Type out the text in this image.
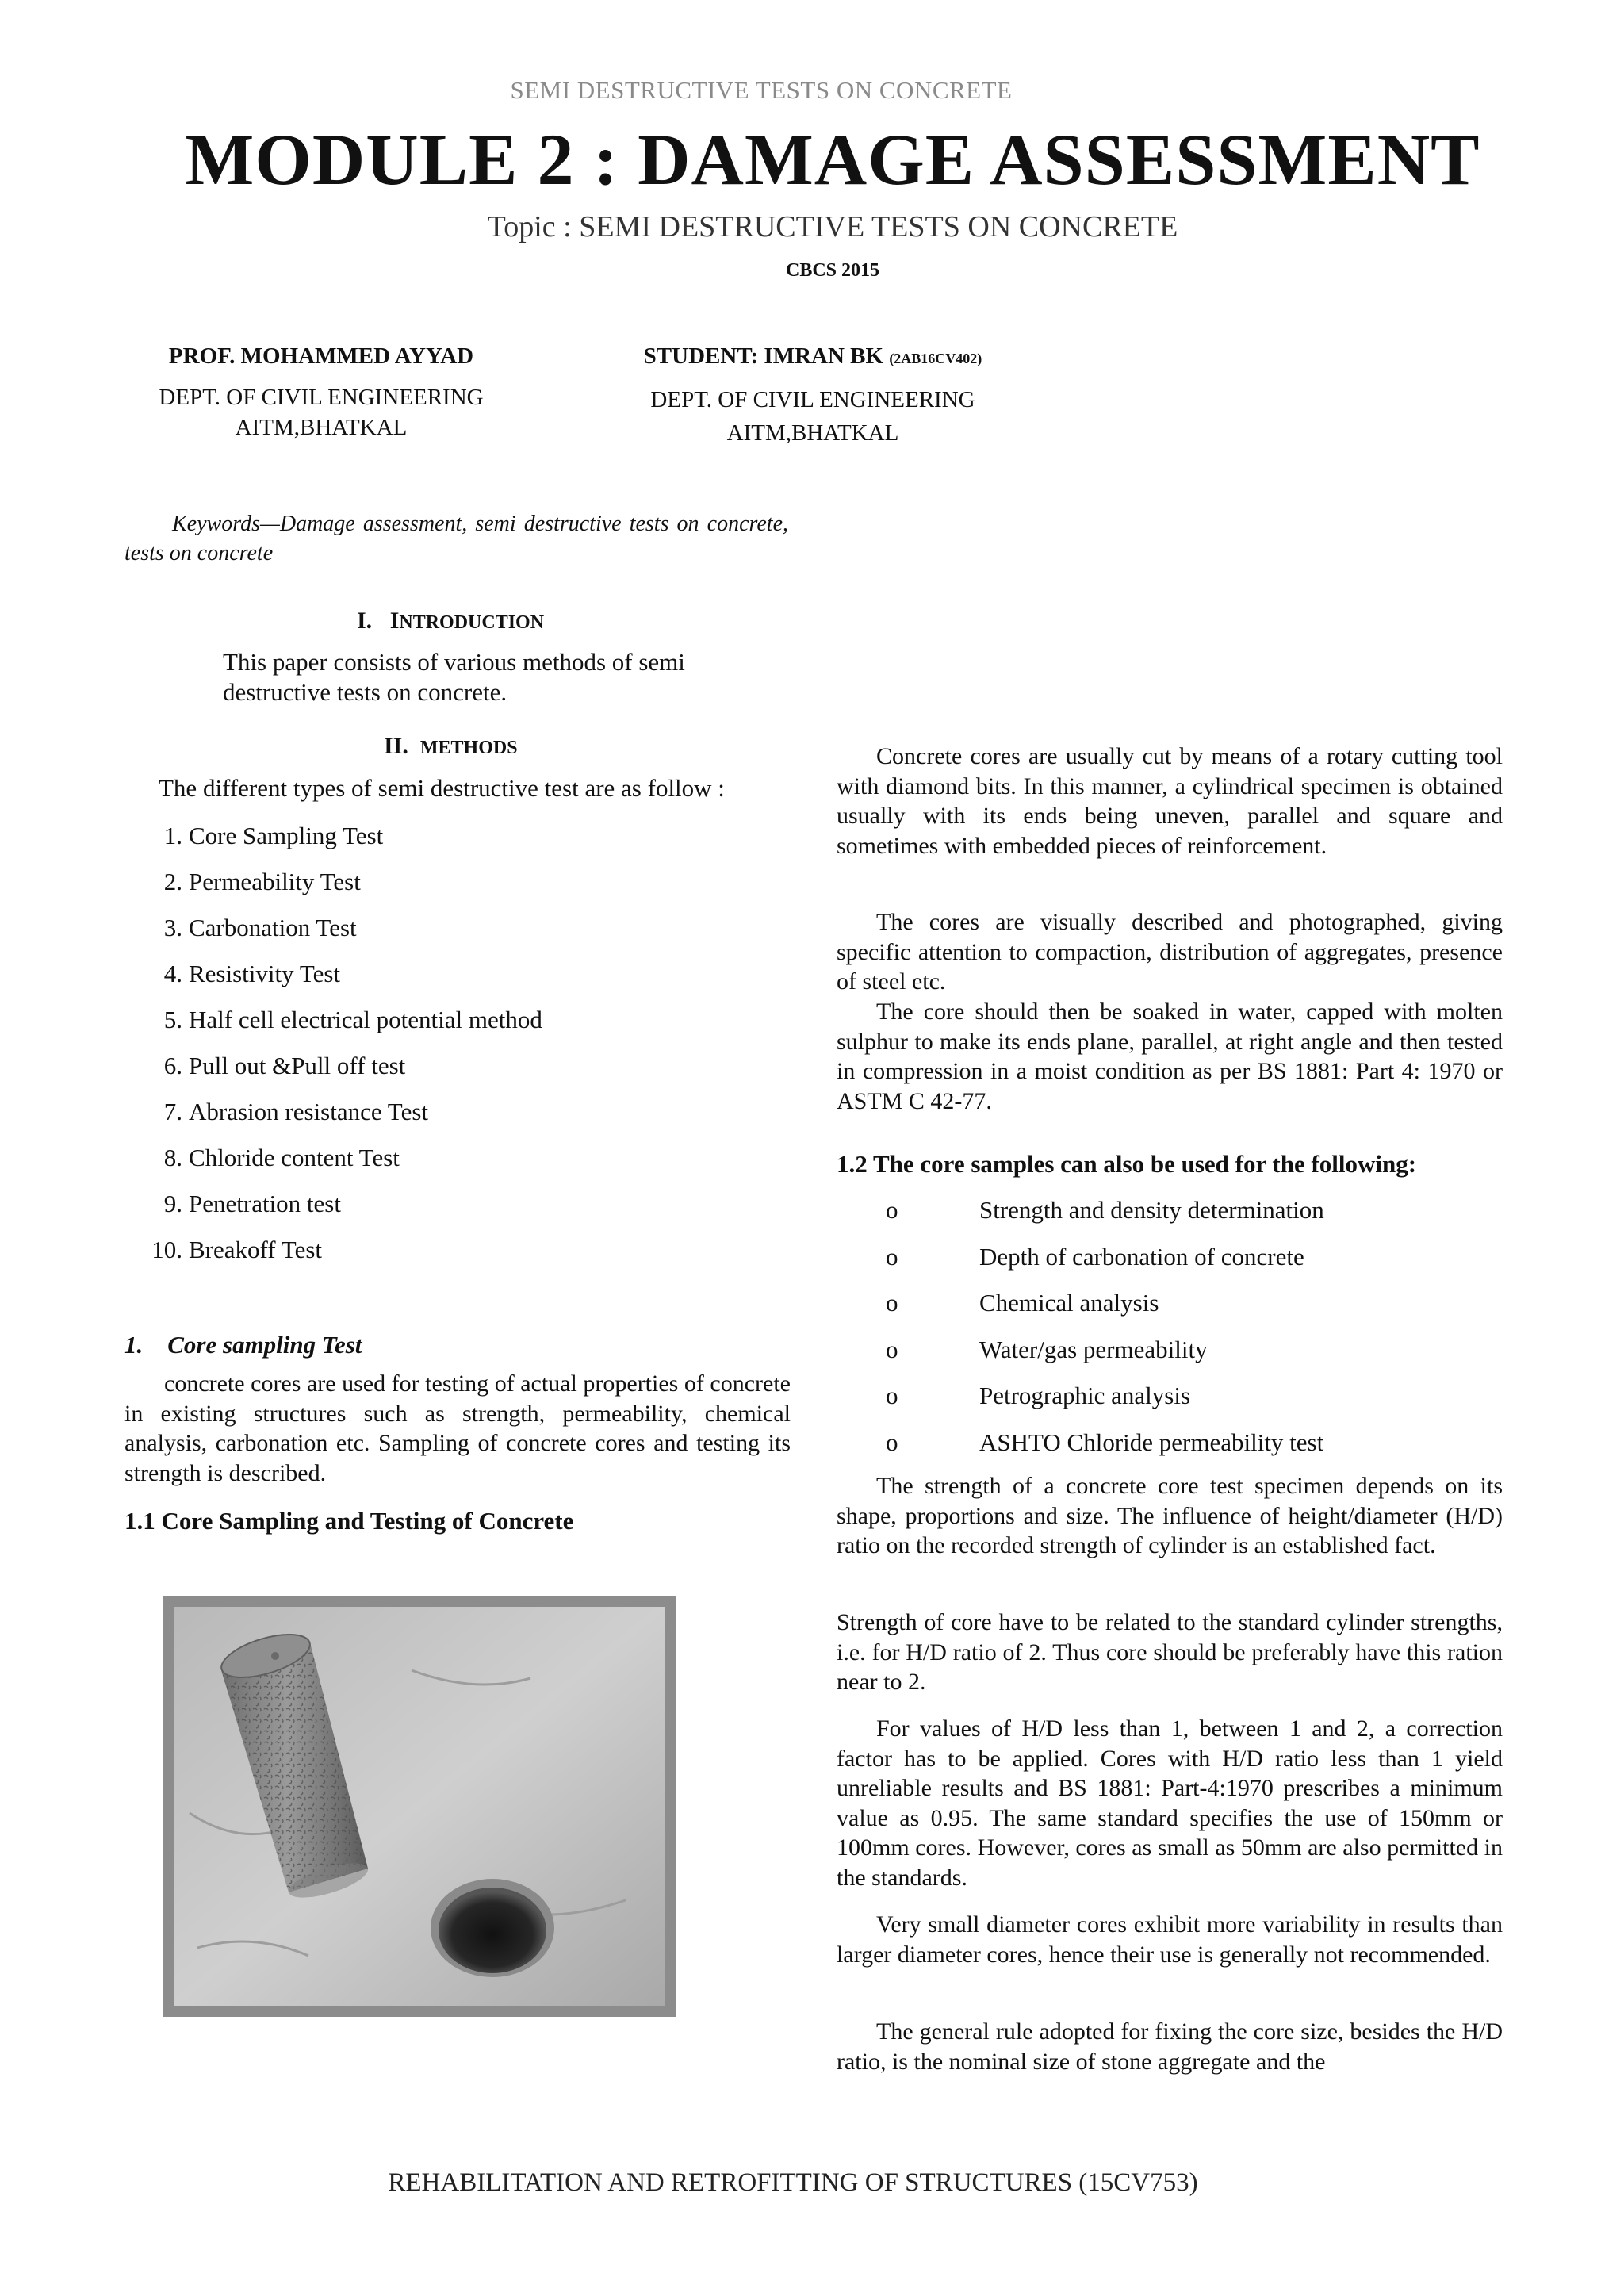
SEMI DESTRUCTIVE TESTS ON CONCRETE
MODULE 2 : DAMAGE ASSESSMENT
Topic : SEMI DESTRUCTIVE TESTS ON CONCRETE
CBCS 2015
PROF. MOHAMMED AYYAD
DEPT. OF CIVIL ENGINEERING
AITM,BHATKAL
STUDENT: IMRAN BK (2AB16CV402)
DEPT. OF CIVIL ENGINEERING
AITM,BHATKAL
Keywords—Damage assessment, semi destructive tests on concrete, tests on concrete
I. INTRODUCTION
This paper consists of various methods of semi destructive tests on concrete.
II. METHODS
The different types of semi destructive test are as follow :
1. Core Sampling Test
2. Permeability Test
3. Carbonation Test
4. Resistivity Test
5. Half cell electrical potential method
6. Pull out &Pull off test
7. Abrasion resistance Test
8. Chloride content Test
9. Penetration test
10. Breakoff Test
1.    Core sampling Test
concrete cores are used for testing of actual properties of concrete in existing structures such as strength, permeability, chemical analysis, carbonation etc. Sampling of concrete cores and testing its strength is described.
1.1 Core Sampling and Testing of Concrete
Concrete cores are usually cut by means of a rotary cutting tool with diamond bits. In this manner, a cylindrical specimen is obtained usually with its ends being uneven, parallel and square and sometimes with embedded pieces of reinforcement.
The cores are visually described and photographed, giving specific attention to compaction, distribution of aggregates, presence of steel etc.
The core should then be soaked in water, capped with molten sulphur to make its ends plane, parallel, at right angle and then tested in compression in a moist condition as per BS 1881: Part 4: 1970 or ASTM C 42-77.
1.2 The core samples can also be used for the following:
o	Strength and density determination
o	Depth of carbonation of concrete
o	Chemical analysis
o	Water/gas permeability
o	Petrographic analysis
o	ASHTO Chloride permeability test
The strength of a concrete core test specimen depends on its shape, proportions and size. The influence of height/diameter (H/D) ratio on the recorded strength of cylinder is an established fact.
Strength of core have to be related to the standard cylinder strengths, i.e. for H/D ratio of 2. Thus core should be preferably have this ration near to 2.
For values of H/D less than 1, between 1 and 2, a correction factor has to be applied. Cores with H/D ratio less than 1 yield unreliable results and BS 1881: Part-4:1970 prescribes a minimum value as 0.95. The same standard specifies the use of 150mm or 100mm cores. However, cores as small as 50mm are also permitted in the standards.
Very small diameter cores exhibit more variability in results than larger diameter cores, hence their use is generally not recommended.
The general rule adopted for fixing the core size, besides the H/D ratio, is the nominal size of stone aggregate and the
REHABILITATION AND RETROFITTING OF STRUCTURES (15CV753)
